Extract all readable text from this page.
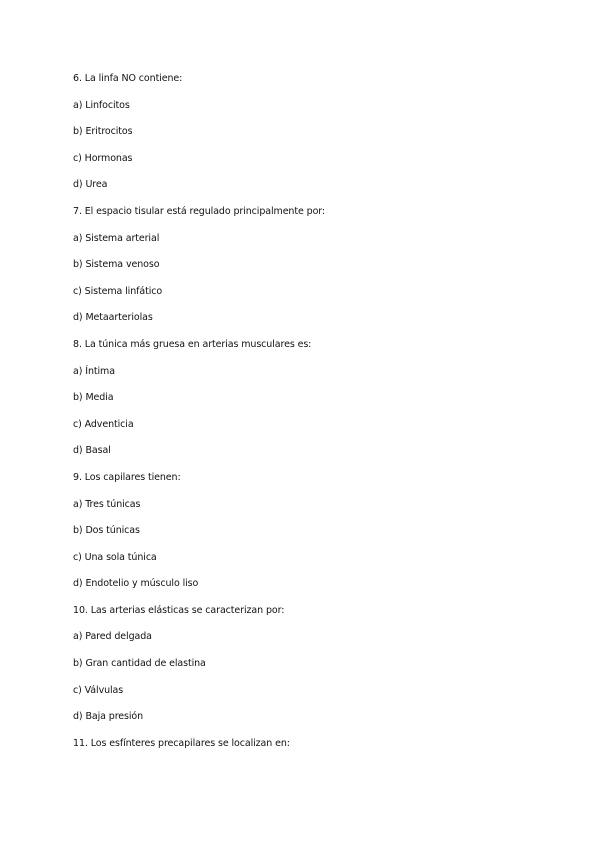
6. La linfa NO contiene:
a) Linfocitos
b) Eritrocitos
c) Hormonas
d) Urea
7. El espacio tisular está regulado principalmente por:
a) Sistema arterial
b) Sistema venoso
c) Sistema linfático
d) Metaarteriolas
8. La túnica más gruesa en arterias musculares es:
a) Íntima
b) Media
c) Adventicia
d) Basal
9. Los capilares tienen:
a) Tres túnicas
b) Dos túnicas
c) Una sola túnica
d) Endotelio y músculo liso
10. Las arterias elásticas se caracterizan por:
a) Pared delgada
b) Gran cantidad de elastina
c) Válvulas
d) Baja presión
11. Los esfínteres precapilares se localizan en:
